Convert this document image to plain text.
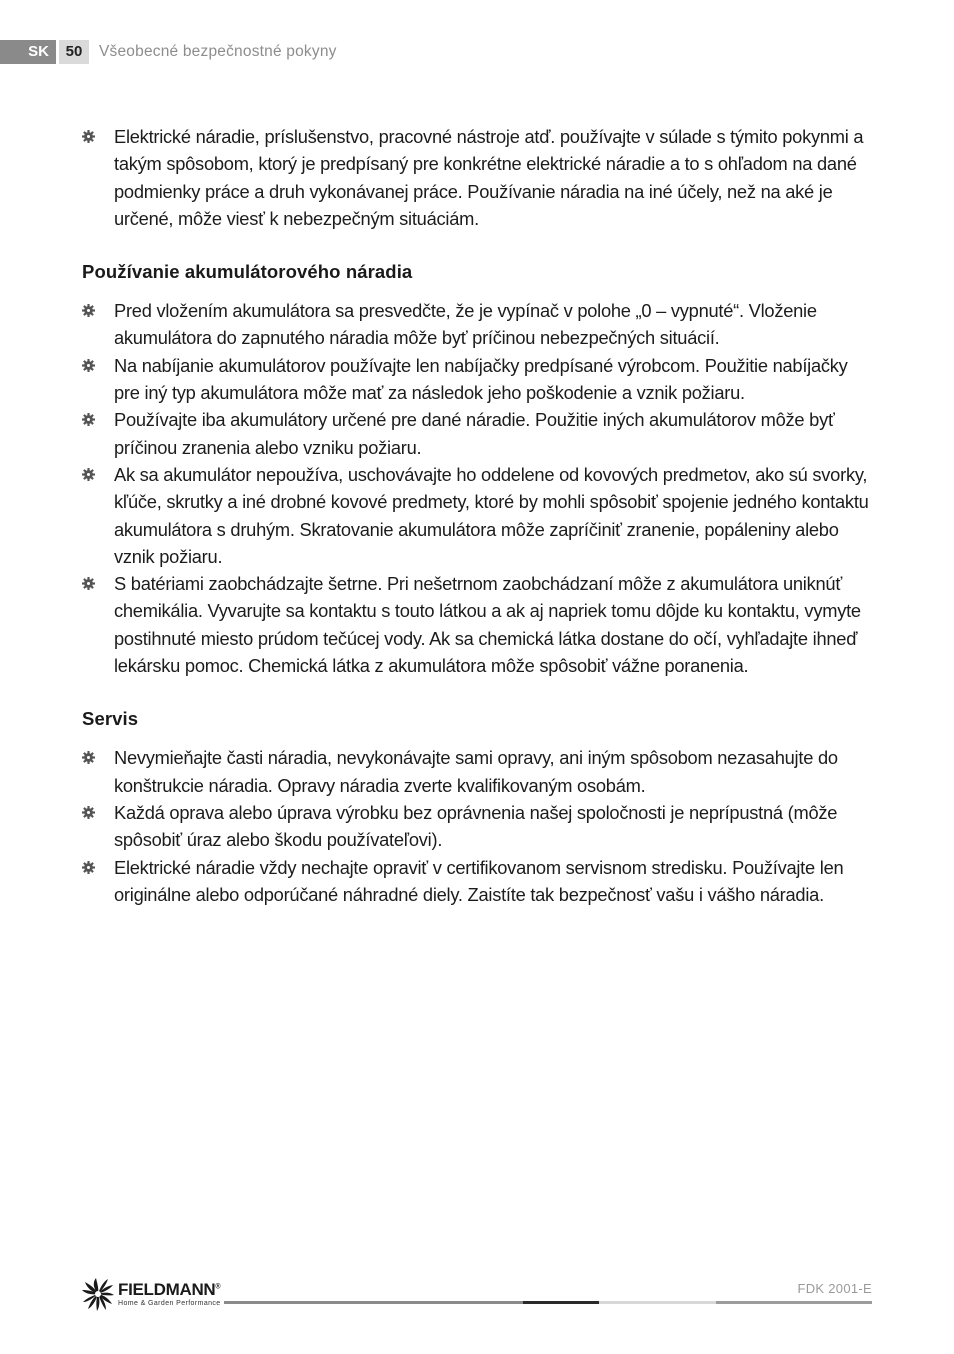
SK	50	Všeobecné bezpečnostné pokyny
Elektrické náradie, príslušenstvo, pracovné nástroje atď. používajte v súlade s týmito pokynmi a takým spôsobom, ktorý je predpísaný pre konkrétne elektrické náradie a to s ohľadom na dané podmienky práce a druh vykonávanej práce. Používanie náradia na iné účely, než na aké je určené, môže viesť k nebezpečným situáciám.
Používanie akumulátorového náradia
Pred vložením akumulátora sa presvedčte, že je vypínač v polohe „0 – vypnuté“. Vloženie akumulátora do zapnutého náradia môže byť príčinou nebezpečných situácií.
Na nabíjanie akumulátorov používajte len nabíjačky predpísané výrobcom. Použitie nabíjačky pre iný typ akumulátora môže mať za následok jeho poškodenie a vznik požiaru.
Používajte iba akumulátory určené pre dané náradie. Použitie iných akumulátorov môže byť príčinou zranenia alebo vzniku požiaru.
Ak sa akumulátor nepoužíva, uschovávajte ho oddelene od kovových predmetov, ako sú svorky, kľúče, skrutky a iné drobné kovové predmety, ktoré by mohli spôsobiť spojenie jedného kontaktu akumulátora s druhým. Skratovanie akumulátora môže zapríčiniť zranenie, popáleniny alebo vznik požiaru.
S batériami zaobchádzajte šetrne. Pri nešetrnom zaobchádzaní môže z akumulátora uniknúť chemikália. Vyvarujte sa kontaktu s touto látkou a ak aj napriek tomu dôjde ku kontaktu, vymyte postihnuté miesto prúdom tečúcej vody. Ak sa chemická látka dostane do očí, vyhľadajte ihneď lekársku pomoc. Chemická látka z akumulátora môže spôsobiť vážne poranenia.
Servis
Nevymieňajte časti náradia, nevykonávajte sami opravy, ani iným spôsobom nezasahujte do konštrukcie náradia. Opravy náradia zverte kvalifikovaným osobám.
Každá oprava alebo úprava výrobku bez oprávnenia našej spoločnosti je neprípustná (môže spôsobiť úraz alebo škodu používateľovi).
Elektrické náradie vždy nechajte opraviť v certifikovanom servisnom stredisku. Používajte len originálne alebo odporúčané náhradné diely. Zaistíte tak bezpečnosť vašu i vášho náradia.
FIELDMANN®
Home & Garden Performance
FDK 2001-E
